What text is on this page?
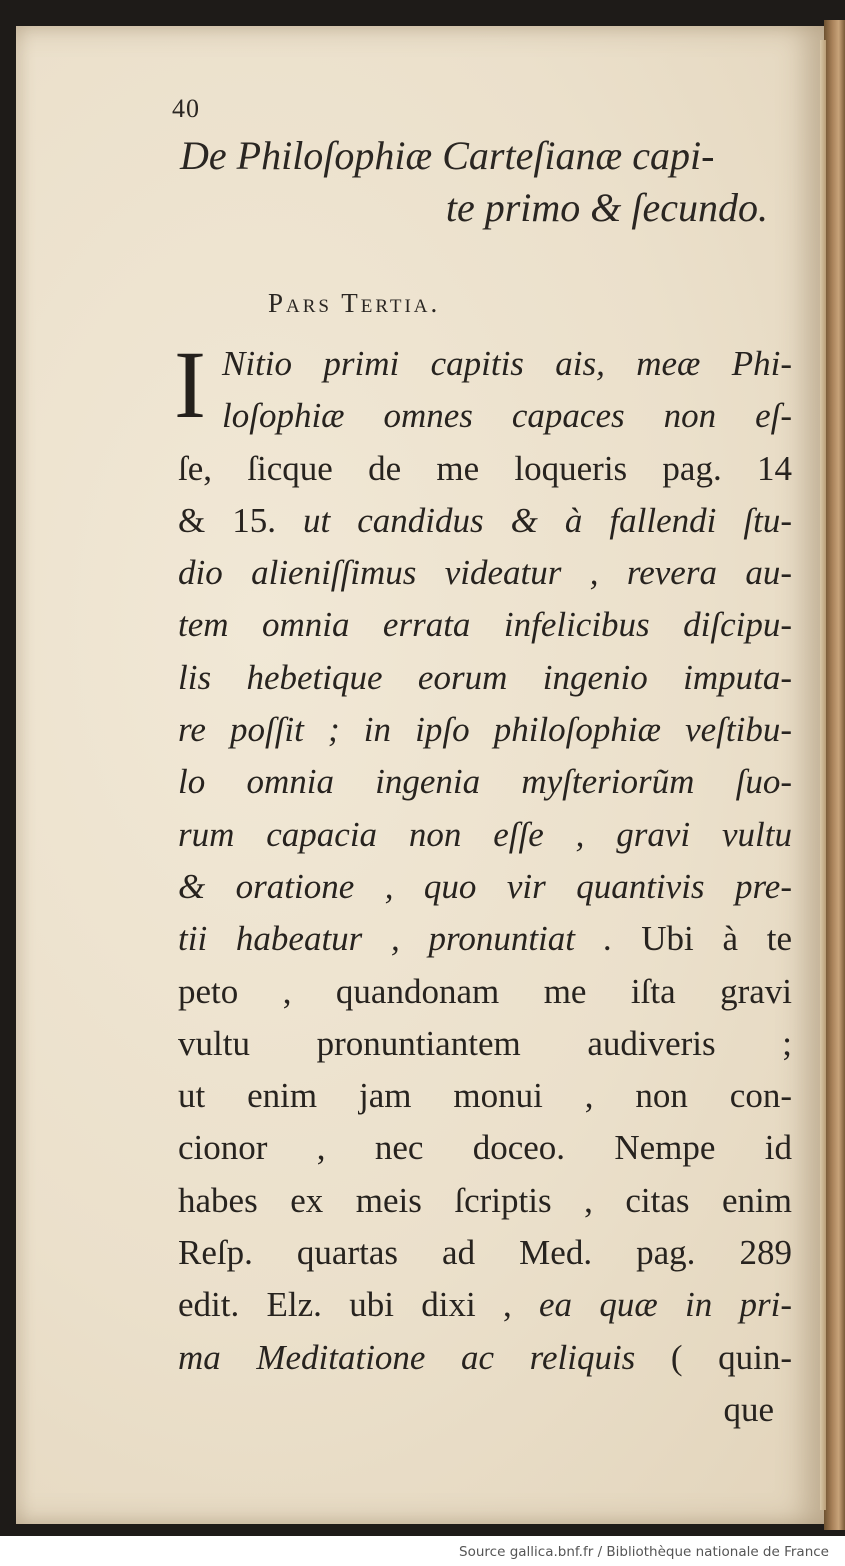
40
De Philoſophiæ Carteſianæ capi-
te primo & ſecundo.
Pars Tertia.
I Nitio primi capitis ais, meæ Phi-
loſophiæ omnes capaces non eſ-
ſe, ſicque de me loqueris pag. 14
& 15. ut candidus & à fallendi ſtu-
dio alieniſſimus videatur , revera au-
tem omnia errata infelicibus diſcipu-
lis hebetique eorum ingenio imputa-
re poſſit ; in ipſo philoſophiæ veſtibu-
lo omnia ingenia myſteriorũm ſuo-
rum capacia non eſſe , gravi vultu
& oratione , quo vir quantivis pre-
tii habeatur , pronuntiat . Ubi à te
peto , quandonam me iſta gravi
vultu pronuntiantem audiveris ;
ut enim jam monui , non con-
cionor , nec doceo. Nempe id
habes ex meis ſcriptis , citas enim
Reſp. quartas ad Med. pag. 289
edit. Elz. ubi dixi , ea quæ in pri-
ma Meditatione ac reliquis ( quin-
que
Source gallica.bnf.fr / Bibliothèque nationale de France
